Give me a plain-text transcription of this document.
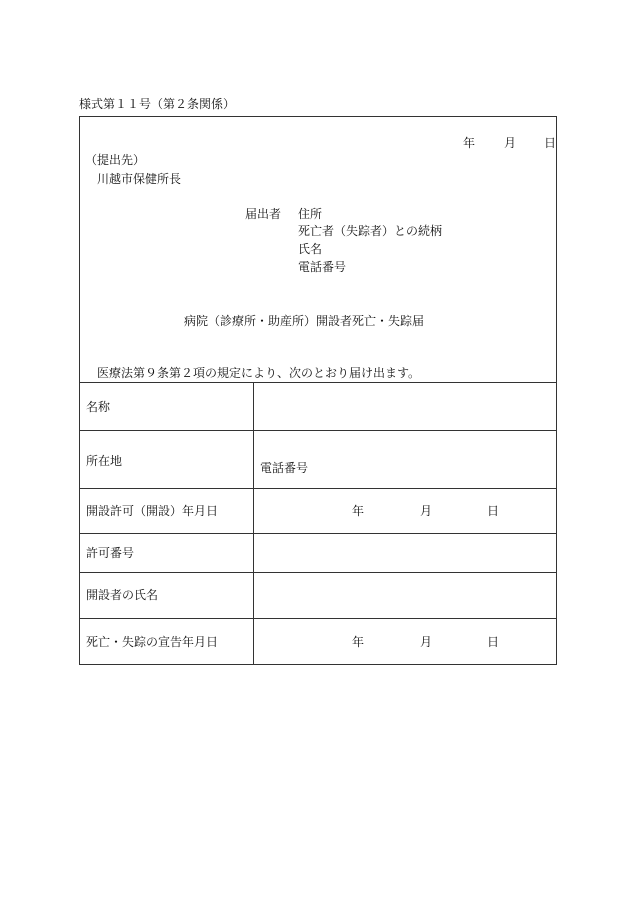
様式第１１号（第２条関係）
年 月 日
（提出先）
川越市保健所長
届出者 住所
死亡者（失踪者）との続柄
氏名
電話番号
病院（診療所・助産所）開設者死亡・失踪届
医療法第９条第２項の規定により、次のとおり届け出ます。
名称
所在地	電話番号
開設許可（開設）年月日	年	月	日
許可番号
開設者の氏名
死亡・失踪の宣告年月日	年	月	日
